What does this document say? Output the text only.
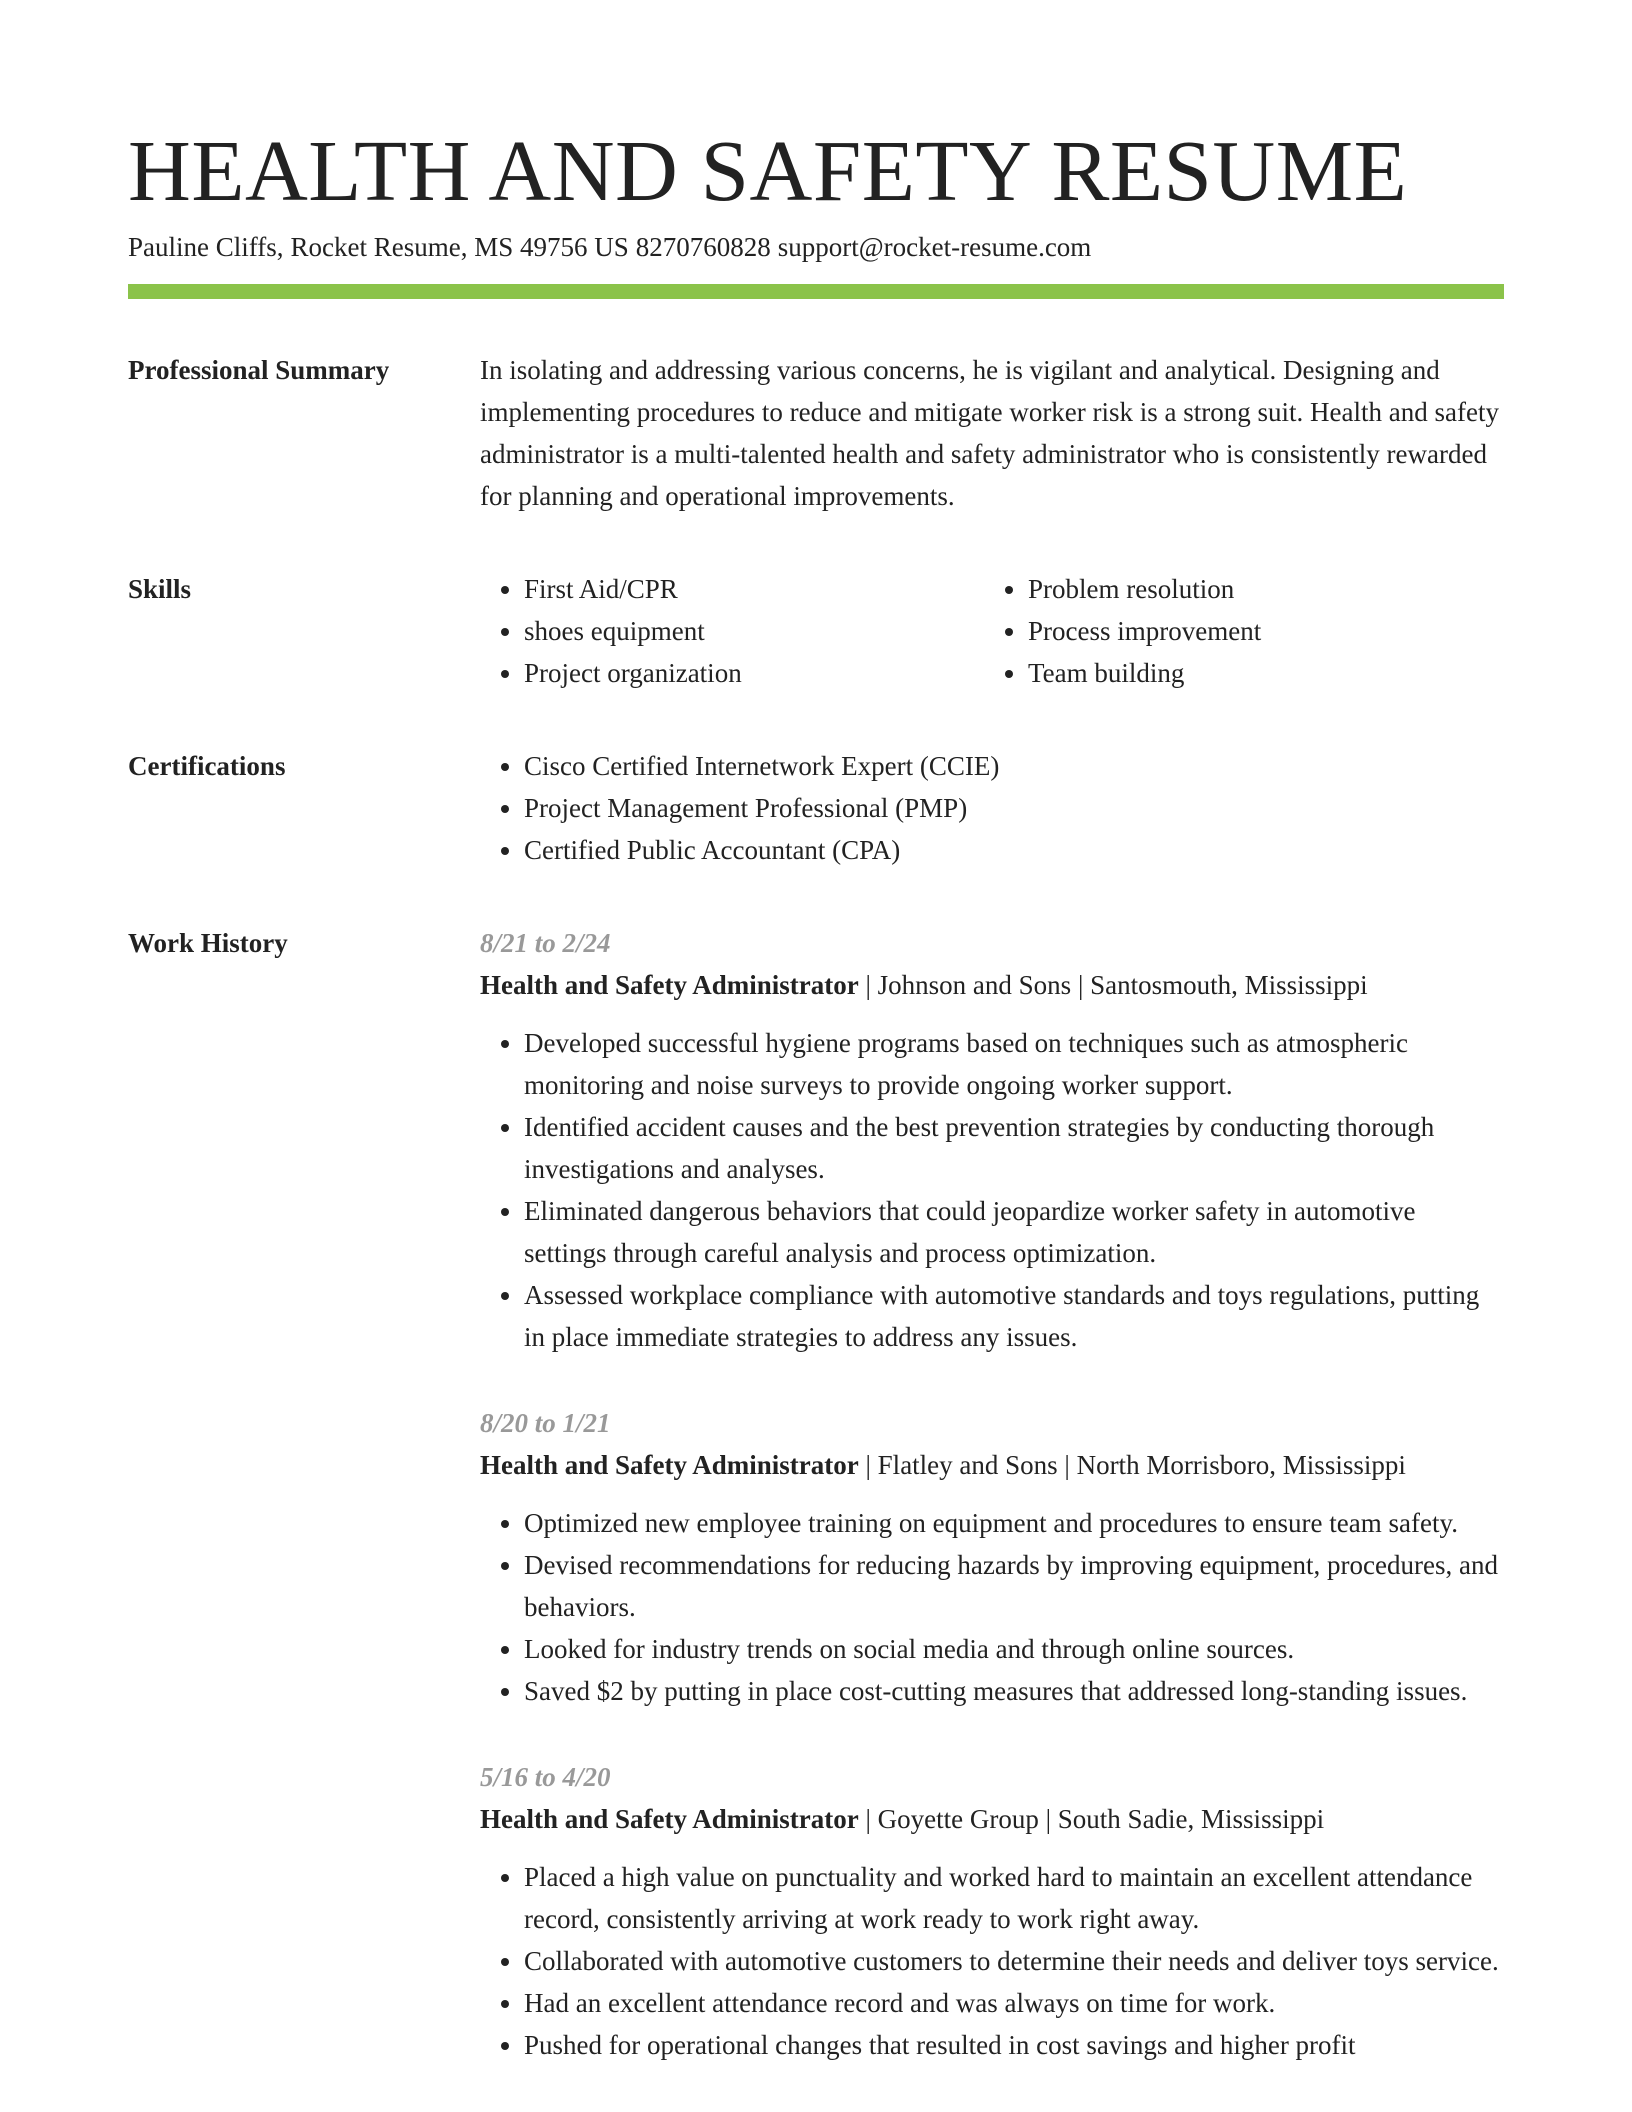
HEALTH AND SAFETY RESUME
Pauline Cliffs, Rocket Resume, MS 49756 US 8270760828 support@rocket-resume.com
Professional Summary	In isolating and addressing various concerns, he is vigilant and analytical. Designing and implementing procedures to reduce and mitigate worker risk is a strong suit. Health and safety administrator is a multi-talented health and safety administrator who is consistently rewarded for planning and operational improvements.

Skills	• First Aid/CPR
• shoes equipment
• Project organization
• Problem resolution
• Process improvement
• Team building
Certifications	• Cisco Certified Internetwork Expert (CCIE)
• Project Management Professional (PMP)
• Certified Public Accountant (CPA)
Work History	8/21 to 2/24
Health and Safety Administrator | Johnson and Sons | Santosmouth, Mississippi
• Developed successful hygiene programs based on techniques such as atmospheric monitoring and noise surveys to provide ongoing worker support.
• Identified accident causes and the best prevention strategies by conducting thorough investigations and analyses.
• Eliminated dangerous behaviors that could jeopardize worker safety in automotive settings through careful analysis and process optimization.
• Assessed workplace compliance with automotive standards and toys regulations, putting in place immediate strategies to address any issues.
8/20 to 1/21
Health and Safety Administrator | Flatley and Sons | North Morrisboro, Mississippi
• Optimized new employee training on equipment and procedures to ensure team safety.
• Devised recommendations for reducing hazards by improving equipment, procedures, and behaviors.
• Looked for industry trends on social media and through online sources.
• Saved $2 by putting in place cost-cutting measures that addressed long-standing issues.
5/16 to 4/20
Health and Safety Administrator | Goyette Group | South Sadie, Mississippi
• Placed a high value on punctuality and worked hard to maintain an excellent attendance record, consistently arriving at work ready to work right away.
• Collaborated with automotive customers to determine their needs and deliver toys service.
• Had an excellent attendance record and was always on time for work.
• Pushed for operational changes that resulted in cost savings and higher profit
